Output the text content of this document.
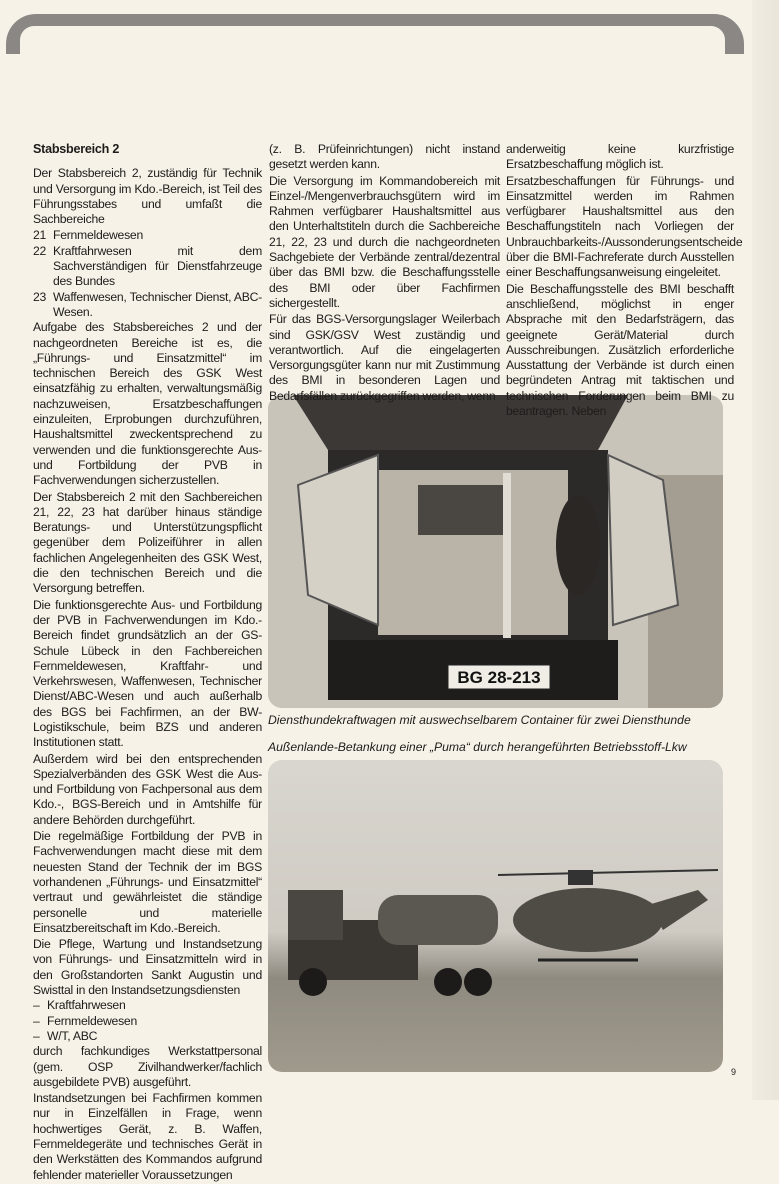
Stabsbereich 2

Der Stabsbereich 2, zuständig für Technik und Versorgung im Kdo.-Bereich, ist Teil des Führungsstabes und umfaßt die Sachbereiche

21 Fernmeldewesen
22 Kraftfahrwesen mit dem Sachverständigen für Dienstfahrzeuge des Bundes
23 Waffenwesen, Technischer Dienst, ABC-Wesen.

Aufgabe des Stabsbereiches 2 und der nachgeordneten Bereiche ist es, die „Führungs- und Einsatzmittel“ im technischen Bereich des GSK West einsatzfähig zu erhalten, verwaltungsmäßig nachzuweisen, Ersatzbeschaffungen einzuleiten, Erprobungen durchzuführen, Haushaltsmittel zweckentsprechend zu verwenden und die funktionsgerechte Aus- und Fortbildung der PVB in Fachverwendungen sicherzustellen.

Der Stabsbereich 2 mit den Sachbereichen 21, 22, 23 hat darüber hinaus ständige Beratungs- und Unterstützungspflicht gegenüber dem Polizeiführer in allen fachlichen Angelegenheiten des GSK West, die den technischen Bereich und die Versorgung betreffen.

Die funktionsgerechte Aus- und Fortbildung der PVB in Fachverwendungen im Kdo.-Bereich findet grundsätzlich an der GS-Schule Lübeck in den Fachbereichen Fernmeldewesen, Kraftfahr- und Verkehrswesen, Waffenwesen, Technischer Dienst/ABC-Wesen und auch außerhalb des BGS bei Fachfirmen, an der BW-Logistikschule, beim BZS und anderen Institutionen statt.

Außerdem wird bei den entsprechenden Spezialverbänden des GSK West die Aus- und Fortbildung von Fachpersonal aus dem Kdo.-, BGS-Bereich und in Amtshilfe für andere Behörden durchgeführt.

Die regelmäßige Fortbildung der PVB in Fachverwendungen macht diese mit dem neuesten Stand der Technik der im BGS vorhandenen „Führungs- und Einsatzmittel“ vertraut und gewährleistet die ständige personelle und materielle Einsatzbereitschaft im Kdo.-Bereich.

Die Pflege, Wartung und Instandsetzung von Führungs- und Einsatzmitteln wird in den Großstandorten Sankt Augustin und Swisttal in den Instandsetzungsdiensten

– Kraftfahrwesen
– Fernmeldewesen
– W/T, ABC

durch fachkundiges Werkstattpersonal (gem. OSP Zivilhandwerker/fachlich ausgebildete PVB) ausgeführt.

Instandsetzungen bei Fachfirmen kommen nur in Einzelfällen in Frage, wenn hochwertiges Gerät, z. B. Waffen, Fernmeldegeräte und technisches Gerät in den Werkstätten des Kommandos aufgrund fehlender materieller Voraussetzungen

(z. B. Prüfeinrichtungen) nicht instand gesetzt werden kann.

Die Versorgung im Kommandobereich mit Einzel-/Mengenverbrauchsgütern wird im Rahmen verfügbarer Haushaltsmittel aus den Unterhaltstiteln durch die Sachbereiche 21, 22, 23 und durch die nachgeordneten Sachgebiete der Verbände zentral/dezentral über das BMI bzw. die Beschaffungsstelle des BMI oder über Fachfirmen sichergestellt.

Für das BGS-Versorgungslager Weilerbach sind GSK/GSV West zuständig und verantwortlich. Auf die eingelagerten Versorgungsgüter kann nur mit Zustimmung des BMI in besonderen Lagen und Bedarfsfällen zurückgegriffen werden, wenn

anderweitig keine kurzfristige Ersatzbeschaffung möglich ist.

Ersatzbeschaffungen für Führungs- und Einsatzmittel werden im Rahmen verfügbarer Haushaltsmittel aus den Beschaffungstiteln nach Vorliegen der Unbrauchbarkeits-/Aussonderungsentscheide über die BMI-Fachreferate durch Ausstellen einer Beschaffungsanweisung eingeleitet.

Die Beschaffungsstelle des BMI beschafft anschließend, möglichst in enger Absprache mit den Bedarfsträgern, das geeignete Gerät/Material durch Ausschreibungen. Zusätzlich erforderliche Ausstattung der Verbände ist durch einen begründeten Antrag mit taktischen und technischen Forderungen beim BMI zu beantragen. Neben

BG 28-213
Diensthundekraftwagen mit auswechselbarem Container für zwei Diensthunde
Außenlande-Betankung einer „Puma“ durch herangeführten Betriebsstoff-Lkw
9
